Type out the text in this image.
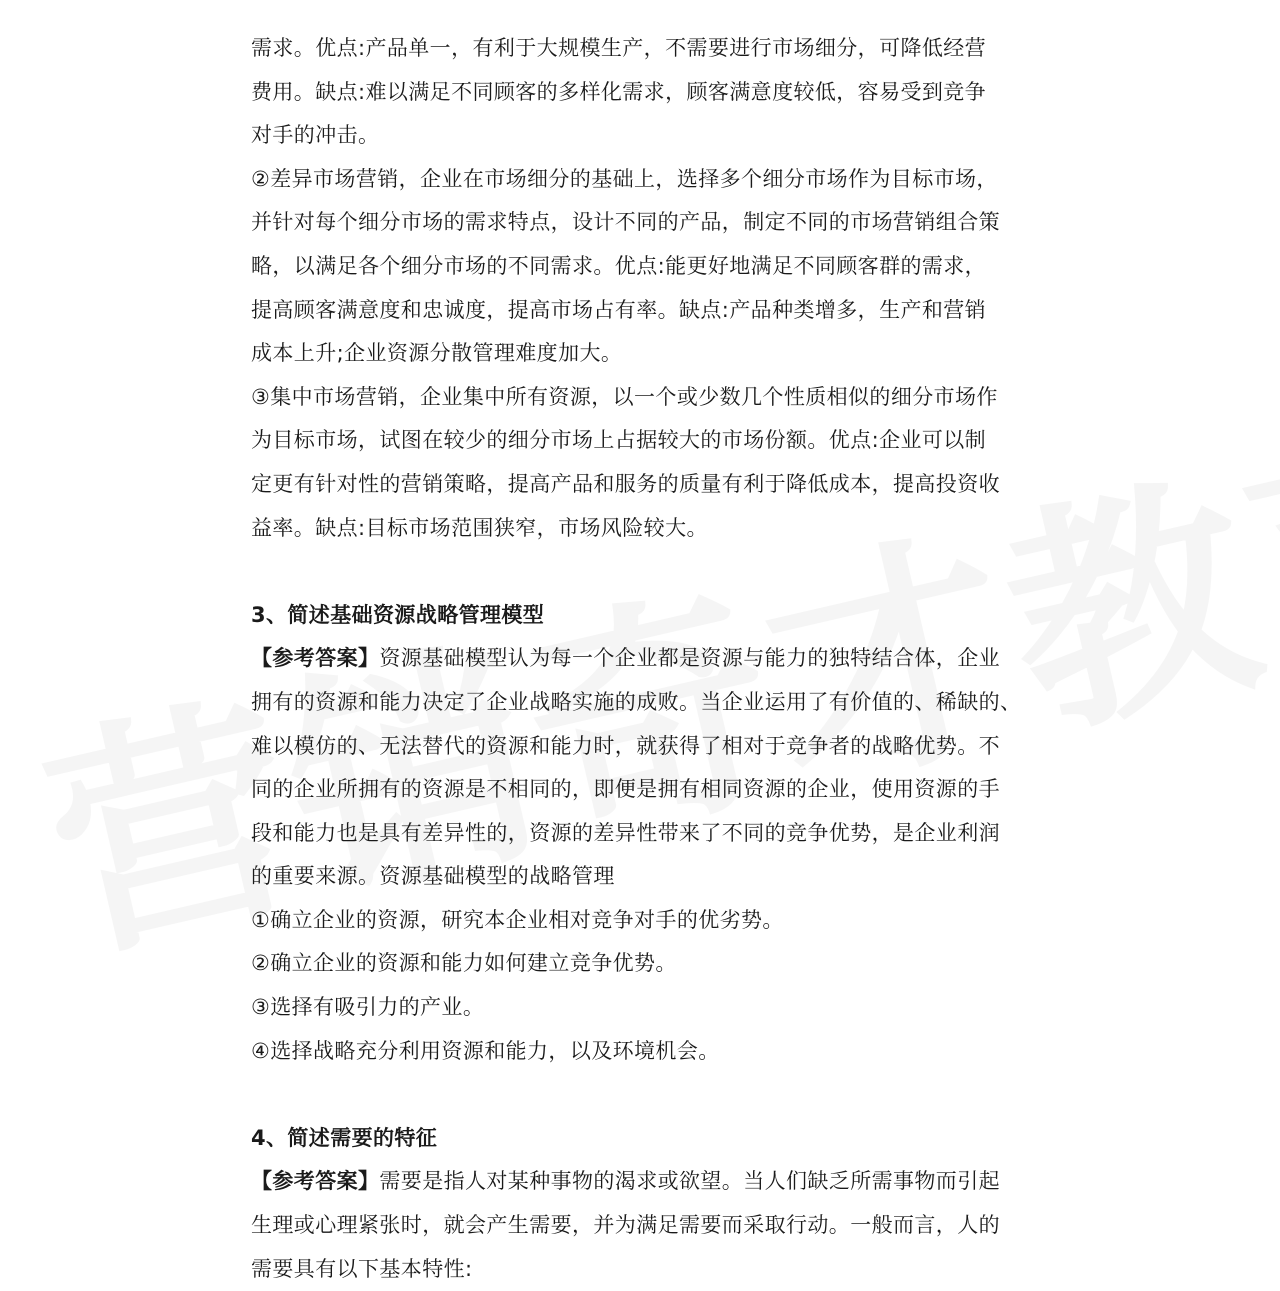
需求。优点:产品单一，有利于大规模生产，不需要进行市场细分，可降低经营
费用。缺点:难以满足不同顾客的多样化需求，顾客满意度较低，容易受到竞争
对手的冲击。
②差异市场营销，企业在市场细分的基础上，选择多个细分市场作为目标市场，
并针对每个细分市场的需求特点，设计不同的产品，制定不同的市场营销组合策
略，以满足各个细分市场的不同需求。优点:能更好地满足不同顾客群的需求，
提高顾客满意度和忠诚度，提高市场占有率。缺点:产品种类增多，生产和营销
成本上升;企业资源分散管理难度加大。
③集中市场营销，企业集中所有资源，以一个或少数几个性质相似的细分市场作
为目标市场，试图在较少的细分市场上占据较大的市场份额。优点:企业可以制
定更有针对性的营销策略，提高产品和服务的质量有利于降低成本，提高投资收
益率。缺点:目标市场范围狭窄，市场风险较大。
3、简述基础资源战略管理模型
【参考答案】资源基础模型认为每一个企业都是资源与能力的独特结合体，企业
拥有的资源和能力决定了企业战略实施的成败。当企业运用了有价值的、稀缺的、
难以模仿的、无法替代的资源和能力时，就获得了相对于竞争者的战略优势。不
同的企业所拥有的资源是不相同的，即便是拥有相同资源的企业，使用资源的手
段和能力也是具有差异性的，资源的差异性带来了不同的竞争优势，是企业利润
的重要来源。资源基础模型的战略管理
①确立企业的资源，研究本企业相对竞争对手的优劣势。
②确立企业的资源和能力如何建立竞争优势。
③选择有吸引力的产业。
④选择战略充分利用资源和能力，以及环境机会。
4、简述需要的特征
【参考答案】需要是指人对某种事物的渴求或欲望。当人们缺乏所需事物而引起
生理或心理紧张时，就会产生需要，并为满足需要而采取行动。一般而言，人的
需要具有以下基本特性:
